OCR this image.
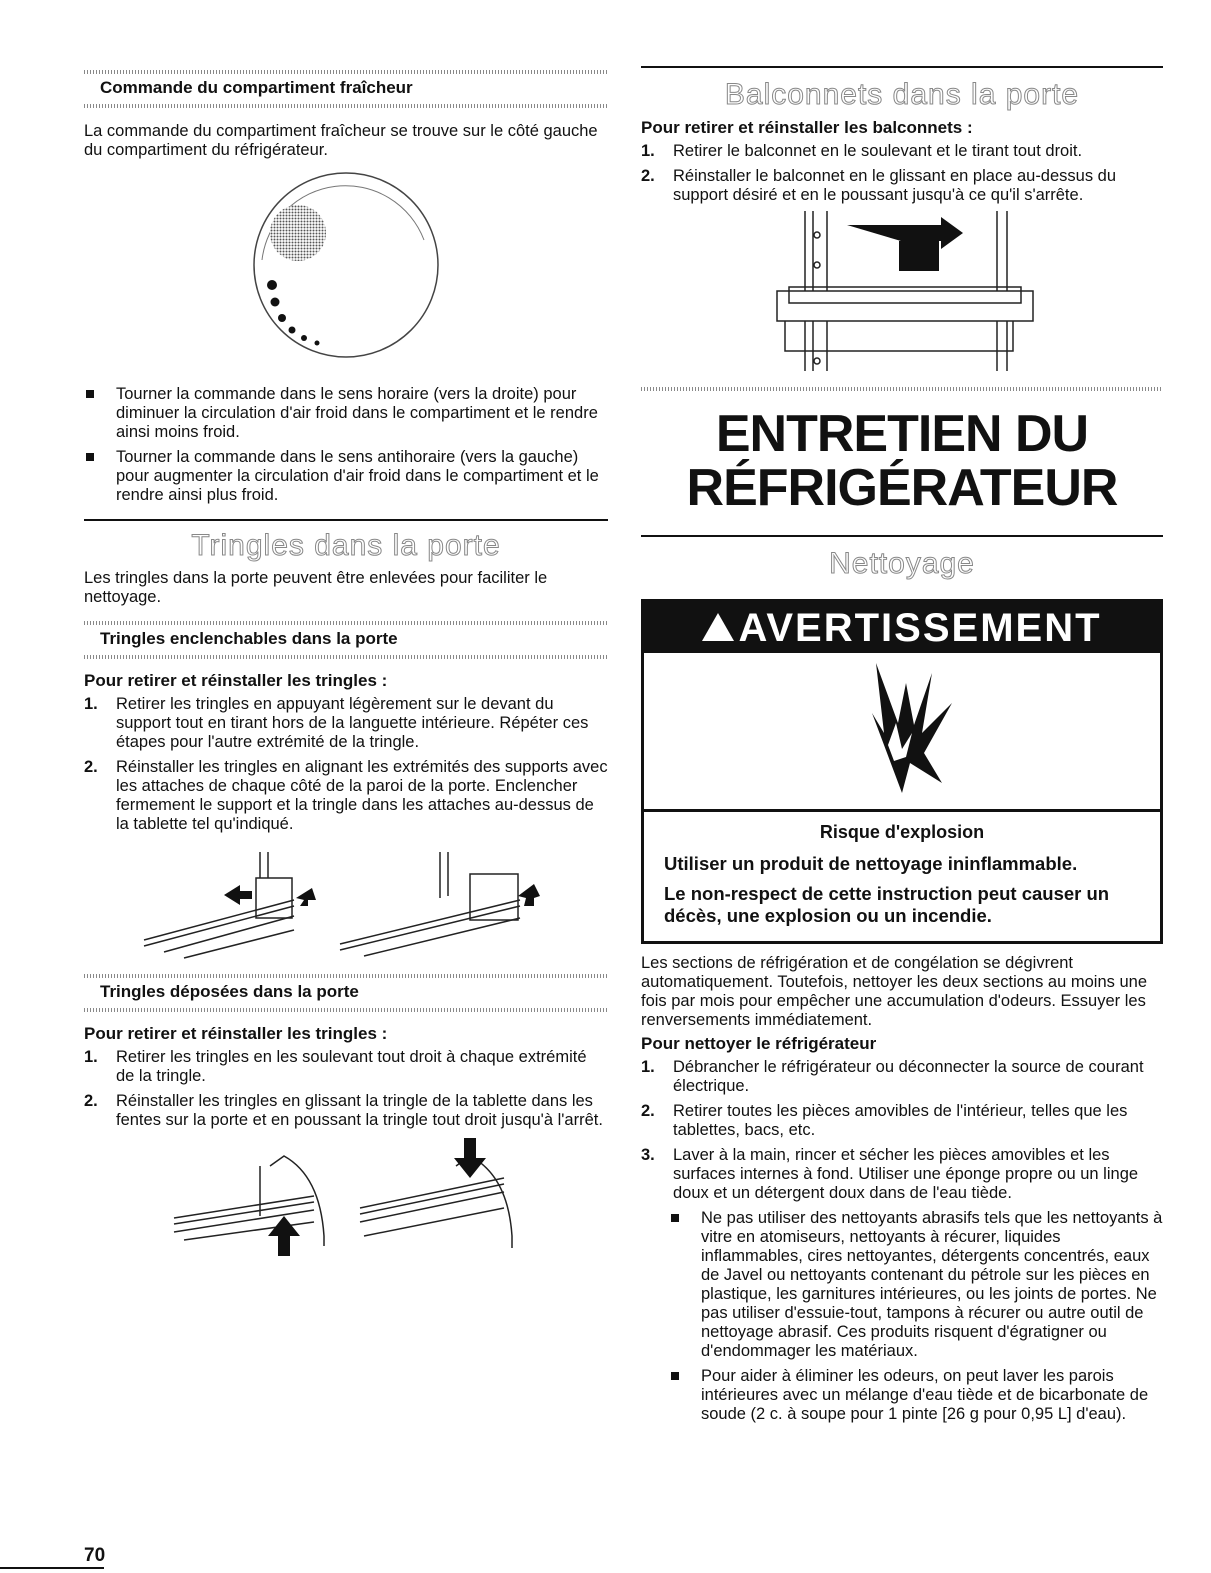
Commande du compartiment fraîcheur

La commande du compartiment fraîcheur se trouve sur le côté gauche du compartiment du réfrigérateur.

Tourner la commande dans le sens horaire (vers la droite) pour diminuer la circulation d'air froid dans le compartiment et le rendre ainsi moins froid.
Tourner la commande dans le sens antihoraire (vers la gauche) pour augmenter la circulation d'air froid dans le compartiment et le rendre ainsi plus froid.
Tringles dans la porte

Les tringles dans la porte peuvent être enlevées pour faciliter le nettoyage.

Tringles enclenchables dans la porte

Pour retirer et réinstaller les tringles :

1. Retirer les tringles en appuyant légèrement sur le devant du support tout en tirant hors de la languette intérieure. Répéter ces étapes pour l'autre extrémité de la tringle.
2. Réinstaller les tringles en alignant les extrémités des supports avec les attaches de chaque côté de la paroi de la porte. Enclencher fermement le support et la tringle dans les attaches au-dessus de la tablette tel qu'indiqué.
Tringles déposées dans la porte

Pour retirer et réinstaller les tringles :

1. Retirer les tringles en les soulevant tout droit à chaque extrémité de la tringle.
2. Réinstaller les tringles en glissant la tringle de la tablette dans les fentes sur la porte et en poussant la tringle tout droit jusqu'à l'arrêt.
70
Balconnets dans la porte

Pour retirer et réinstaller les balconnets :

1. Retirer le balconnet en le soulevant et le tirant tout droit.
2. Réinstaller le balconnet en le glissant en place au-dessus du support désiré et en le poussant jusqu'à ce qu'il s'arrête.
ENTRETIEN DU
RÉFRIGÉRATEUR
Nettoyage
AVERTISSEMENT

Risque d'explosion

Utiliser un produit de nettoyage ininflammable.

Le non-respect de cette instruction peut causer un décès, une explosion ou un incendie.

Les sections de réfrigération et de congélation se dégivrent automatiquement. Toutefois, nettoyer les deux sections au moins une fois par mois pour empêcher une accumulation d'odeurs. Essuyer les renversements immédiatement.

Pour nettoyer le réfrigérateur

1. Débrancher le réfrigérateur ou déconnecter la source de courant électrique.
2. Retirer toutes les pièces amovibles de l'intérieur, telles que les tablettes, bacs, etc.
3. Laver à la main, rincer et sécher les pièces amovibles et les surfaces internes à fond. Utiliser une éponge propre ou un linge doux et un détergent doux dans de l'eau tiède.
Ne pas utiliser des nettoyants abrasifs tels que les nettoyants à vitre en atomiseurs, nettoyants à récurer, liquides inflammables, cires nettoyantes, détergents concentrés, eaux de Javel ou nettoyants contenant du pétrole sur les pièces en plastique, les garnitures intérieures, ou les joints de portes. Ne pas utiliser d'essuie-tout, tampons à récurer ou autre outil de nettoyage abrasif. Ces produits risquent d'égratigner ou d'endommager les matériaux.
Pour aider à éliminer les odeurs, on peut laver les parois intérieures avec un mélange d'eau tiède et de bicarbonate de soude (2 c. à soupe pour 1 pinte [26 g pour 0,95 L] d'eau).
